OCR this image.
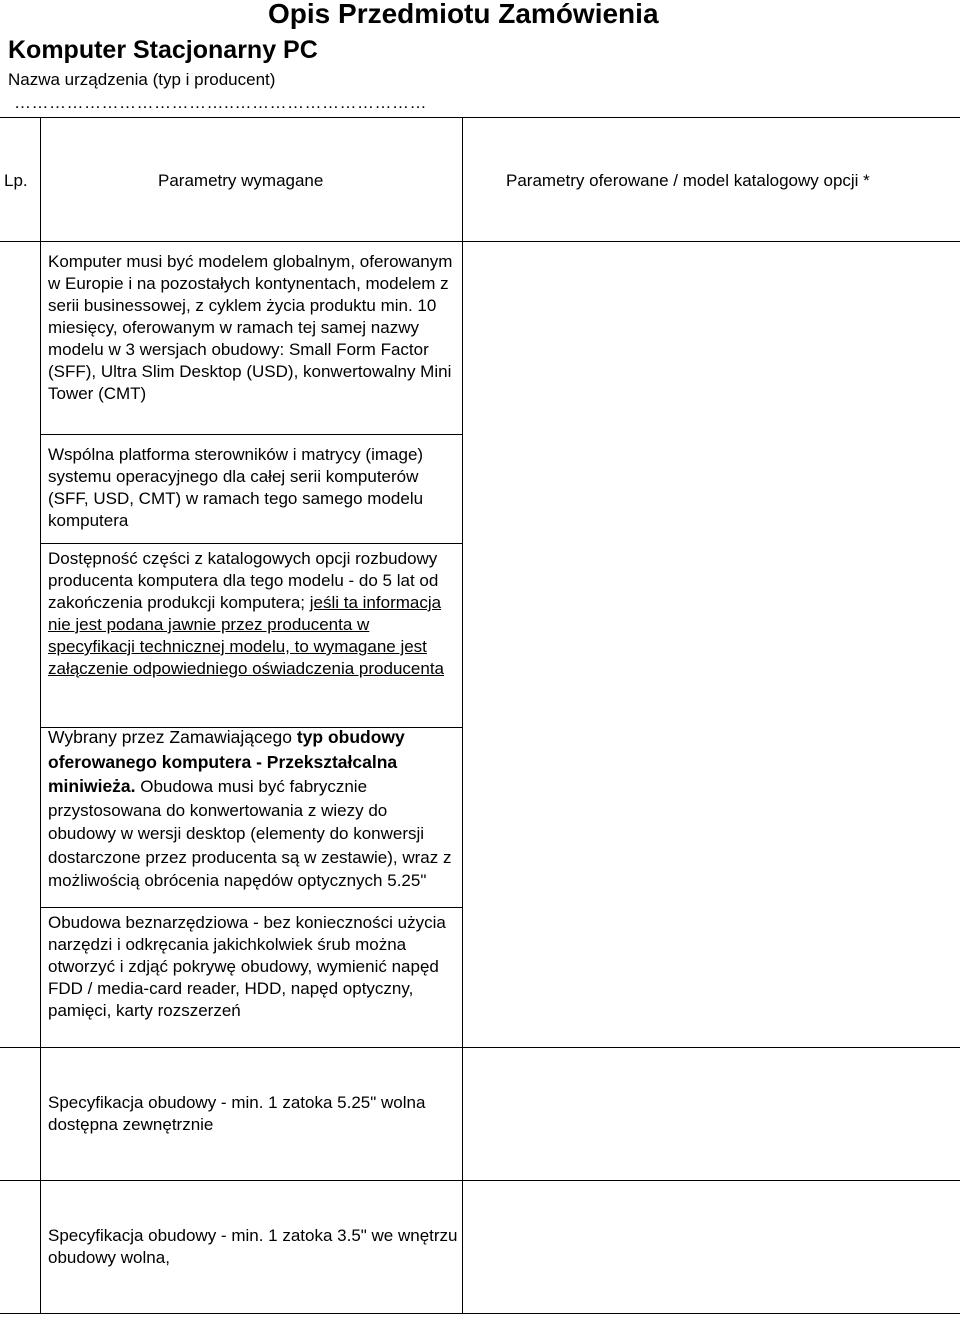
Opis Przedmiotu Zamówienia
Komputer Stacjonarny PC
Nazwa urządzenia (typ i producent)
………………………………..……………………………
Lp.	Parametry wymagane	Parametry oferowane / model katalogowy opcji *

Komputer musi być modelem globalnym, oferowanym w Europie i na pozostałych kontynentach, modelem z serii businessowej, z cyklem życia produktu min. 10 miesięcy, oferowanym w ramach tej samej nazwy modelu w 3 wersjach obudowy: Small Form Factor (SFF), Ultra Slim Desktop (USD), konwertowalny Mini Tower (CMT)

Wspólna platforma sterowników i matrycy (image) systemu operacyjnego dla całej serii komputerów (SFF, USD, CMT) w ramach tego samego modelu komputera

Dostępność części z katalogowych opcji rozbudowy producenta komputera dla tego modelu - do 5 lat od zakończenia produkcji komputera; jeśli ta informacja nie jest podana jawnie przez producenta w specyfikacji technicznej modelu, to wymagane jest załączenie odpowiedniego oświadczenia producenta

Wybrany przez Zamawiającego typ obudowy oferowanego komputera - Przekształcalna miniwieża. Obudowa musi być fabrycznie przystosowana do konwertowania z wiezy do obudowy w wersji desktop (elementy do konwersji dostarczone przez producenta są w zestawie), wraz z możliwością obrócenia napędów optycznych 5.25"

Obudowa beznarzędziowa - bez konieczności użycia narzędzi i odkręcania jakichkolwiek śrub można otworzyć i zdjąć pokrywę obudowy, wymienić napęd FDD / media-card reader, HDD, napęd optyczny, pamięci, karty rozszerzeń

Specyfikacja obudowy - min. 1 zatoka 5.25" wolna dostępna zewnętrznie

Specyfikacja obudowy - min. 1 zatoka 3.5" we wnętrzu obudowy wolna,
